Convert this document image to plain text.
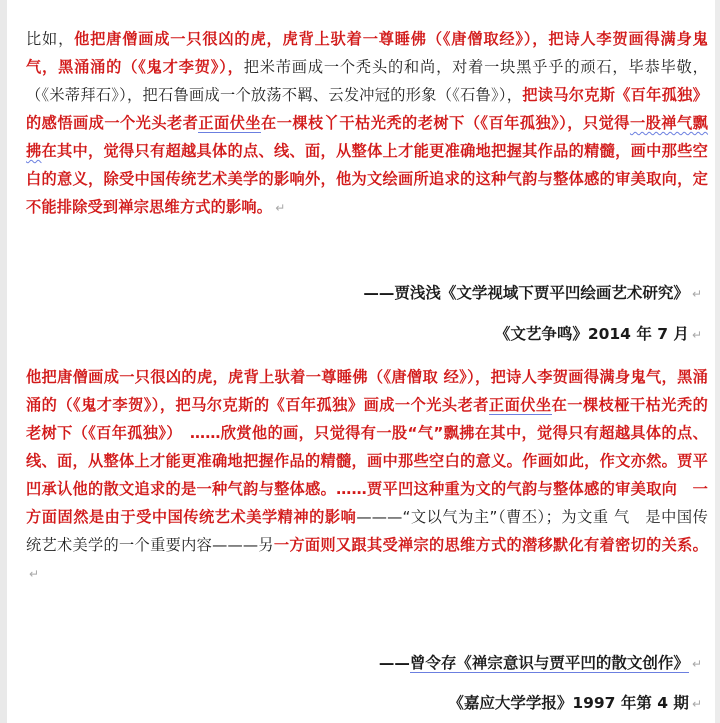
比如，他把唐僧画成一只很凶的虎，虎背上驮着一尊睡佛（《唐僧取经》），把诗人李贺画得满身鬼气，黑涌涌的（《鬼才李贺》），把米芾画成一个秃头的和尚，对着一块黑乎乎的顽石，毕恭毕敬，（《米蒂拜石》），把石鲁画成一个放荡不羁、云发冲冠的形象（《石鲁》），把读马尔克斯《百年孤独》的感悟画成一个光头老者正面伏坐在一棵枝丫干枯光秃的老树下（《百年孤独》），只觉得一股禅气飘拂在其中，觉得只有超越具体的点、线、面，从整体上才能更准确地把握其作品的精髓，画中那些空白的意义，除受中国传统艺术美学的影响外，他为文绘画所追求的这种气韵与整体感的审美取向，定不能排除受到禅宗思维方式的影响。 ↵

——贾浅浅《文学视域下贾平凹绘画艺术研究》 ↵

《文艺争鸣》2014 年 7 月 ↵

他把唐僧画成一只很凶的虎，虎背上驮着一尊睡佛（《唐僧取 经》），把诗人李贺画得满身鬼气，黑涌涌的（《鬼才李贺》），把马尔克斯的《百年孤独》画成一个光头老者正面伏坐在一棵枝桠干枯光秃的老树下（《百年孤独》）　……欣赏他的画，只觉得有一股“气”飘拂在其中，觉得只有超越具体的点、线、面，从整体上才能更准确地把握作品的精髓，画中那些空白的意义。作画如此，作文亦然。贾平凹承认他的散文追求的是一种气韵与整体感。……贾平凹这种重为文的气韵与整体感的审美取向　一方面固然是由于受中国传统艺术美学精神的影响———“文以气为主”（曹丕）；为文重 气　是中国传统艺术美学的一个重要内容———另一方面则又跟其受禅宗的思维方式的潜移默化有着密切的关系。↵

——曾令存《禅宗意识与贾平凹的散文创作》 ↵

《嘉应大学学报》1997 年第 4 期 ↵
